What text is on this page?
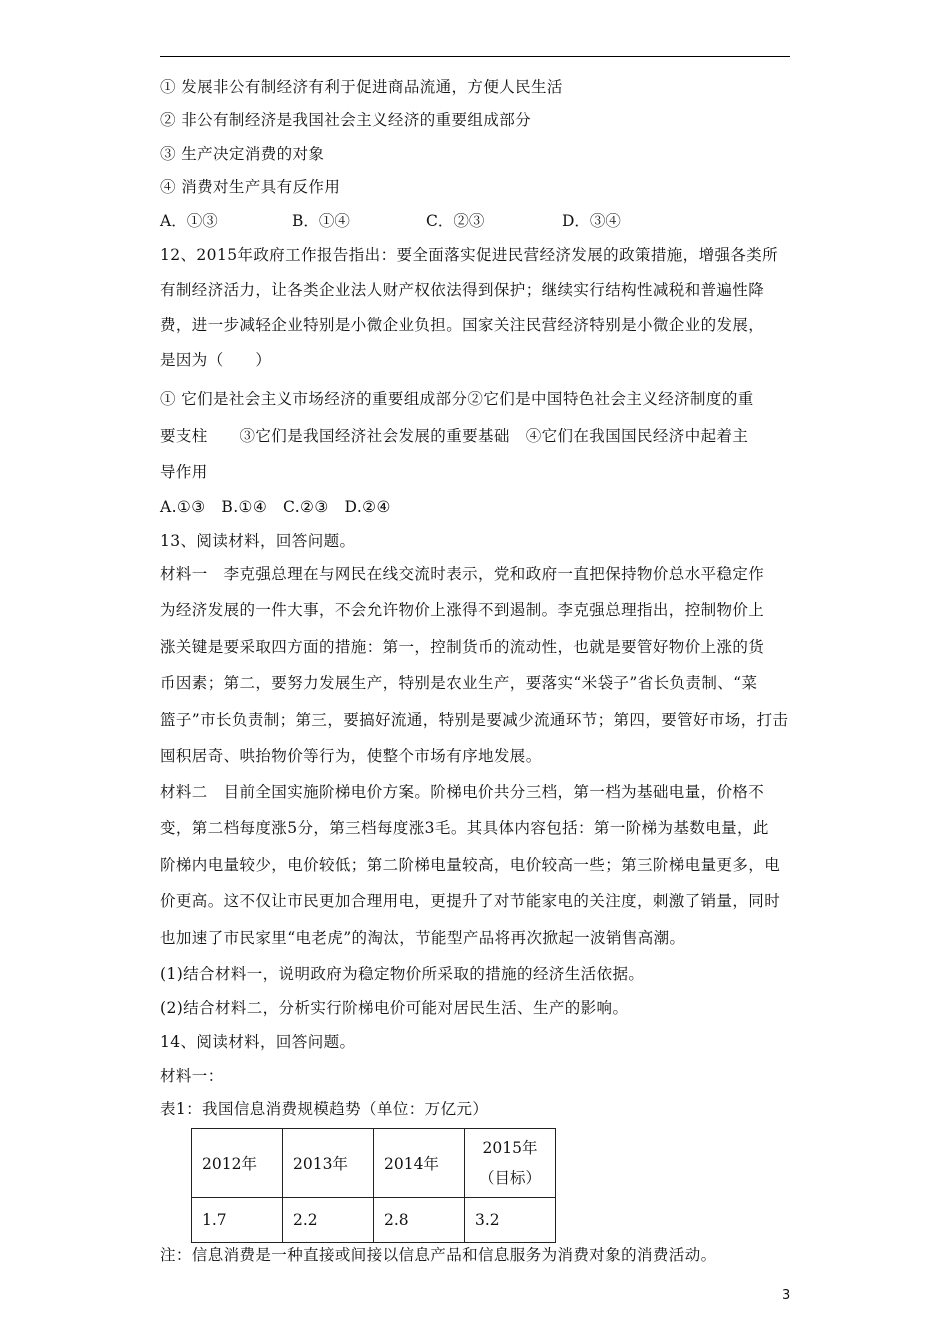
① 发展非公有制经济有利于促进商品流通，方便人民生活
② 非公有制经济是我国社会主义经济的重要组成部分
③ 生产决定消费的对象
④ 消费对生产具有反作用
A．①③	B．①④	C．②③	D．③④
12、2015年政府工作报告指出：要全面落实促进民营经济发展的政策措施，增强各类所
有制经济活力，让各类企业法人财产权依法得到保护；继续实行结构性减税和普遍性降
费，进一步减轻企业特别是小微企业负担。国家关注民营经济特别是小微企业的发展，
是因为（　　）
① 它们是社会主义市场经济的重要组成部分②它们是中国特色社会主义经济制度的重
要支柱　　③它们是我国经济社会发展的重要基础　④它们在我国国民经济中起着主
导作用
A.①③　B.①④　C.②③　D.②④
13、阅读材料，回答问题。
材料一　李克强总理在与网民在线交流时表示，党和政府一直把保持物价总水平稳定作
为经济发展的一件大事，不会允许物价上涨得不到遏制。李克强总理指出，控制物价上
涨关键是要采取四方面的措施：第一，控制货币的流动性，也就是要管好物价上涨的货
币因素；第二，要努力发展生产，特别是农业生产，要落实“米袋子”省长负责制、“菜
篮子”市长负责制；第三，要搞好流通，特别是要减少流通环节；第四，要管好市场，打击
囤积居奇、哄抬物价等行为，使整个市场有序地发展。
材料二　目前全国实施阶梯电价方案。阶梯电价共分三档，第一档为基础电量，价格不
变，第二档每度涨5分，第三档每度涨3毛。其具体内容包括：第一阶梯为基数电量，此
阶梯内电量较少，电价较低；第二阶梯电量较高，电价较高一些；第三阶梯电量更多，电
价更高。这不仅让市民更加合理用电，更提升了对节能家电的关注度，刺激了销量，同时
也加速了市民家里“电老虎”的淘汰，节能型产品将再次掀起一波销售高潮。
(1)结合材料一，说明政府为稳定物价所采取的措施的经济生活依据。
(2)结合材料二，分析实行阶梯电价可能对居民生活、生产的影响。
14、阅读材料，回答问题。
材料一：
表1：我国信息消费规模趋势（单位：万亿元）
2012年	2013年	2014年	2015年
（目标）

1.7	2.2	2.8	3.2
注：信息消费是一种直接或间接以信息产品和信息服务为消费对象的消费活动。
3
